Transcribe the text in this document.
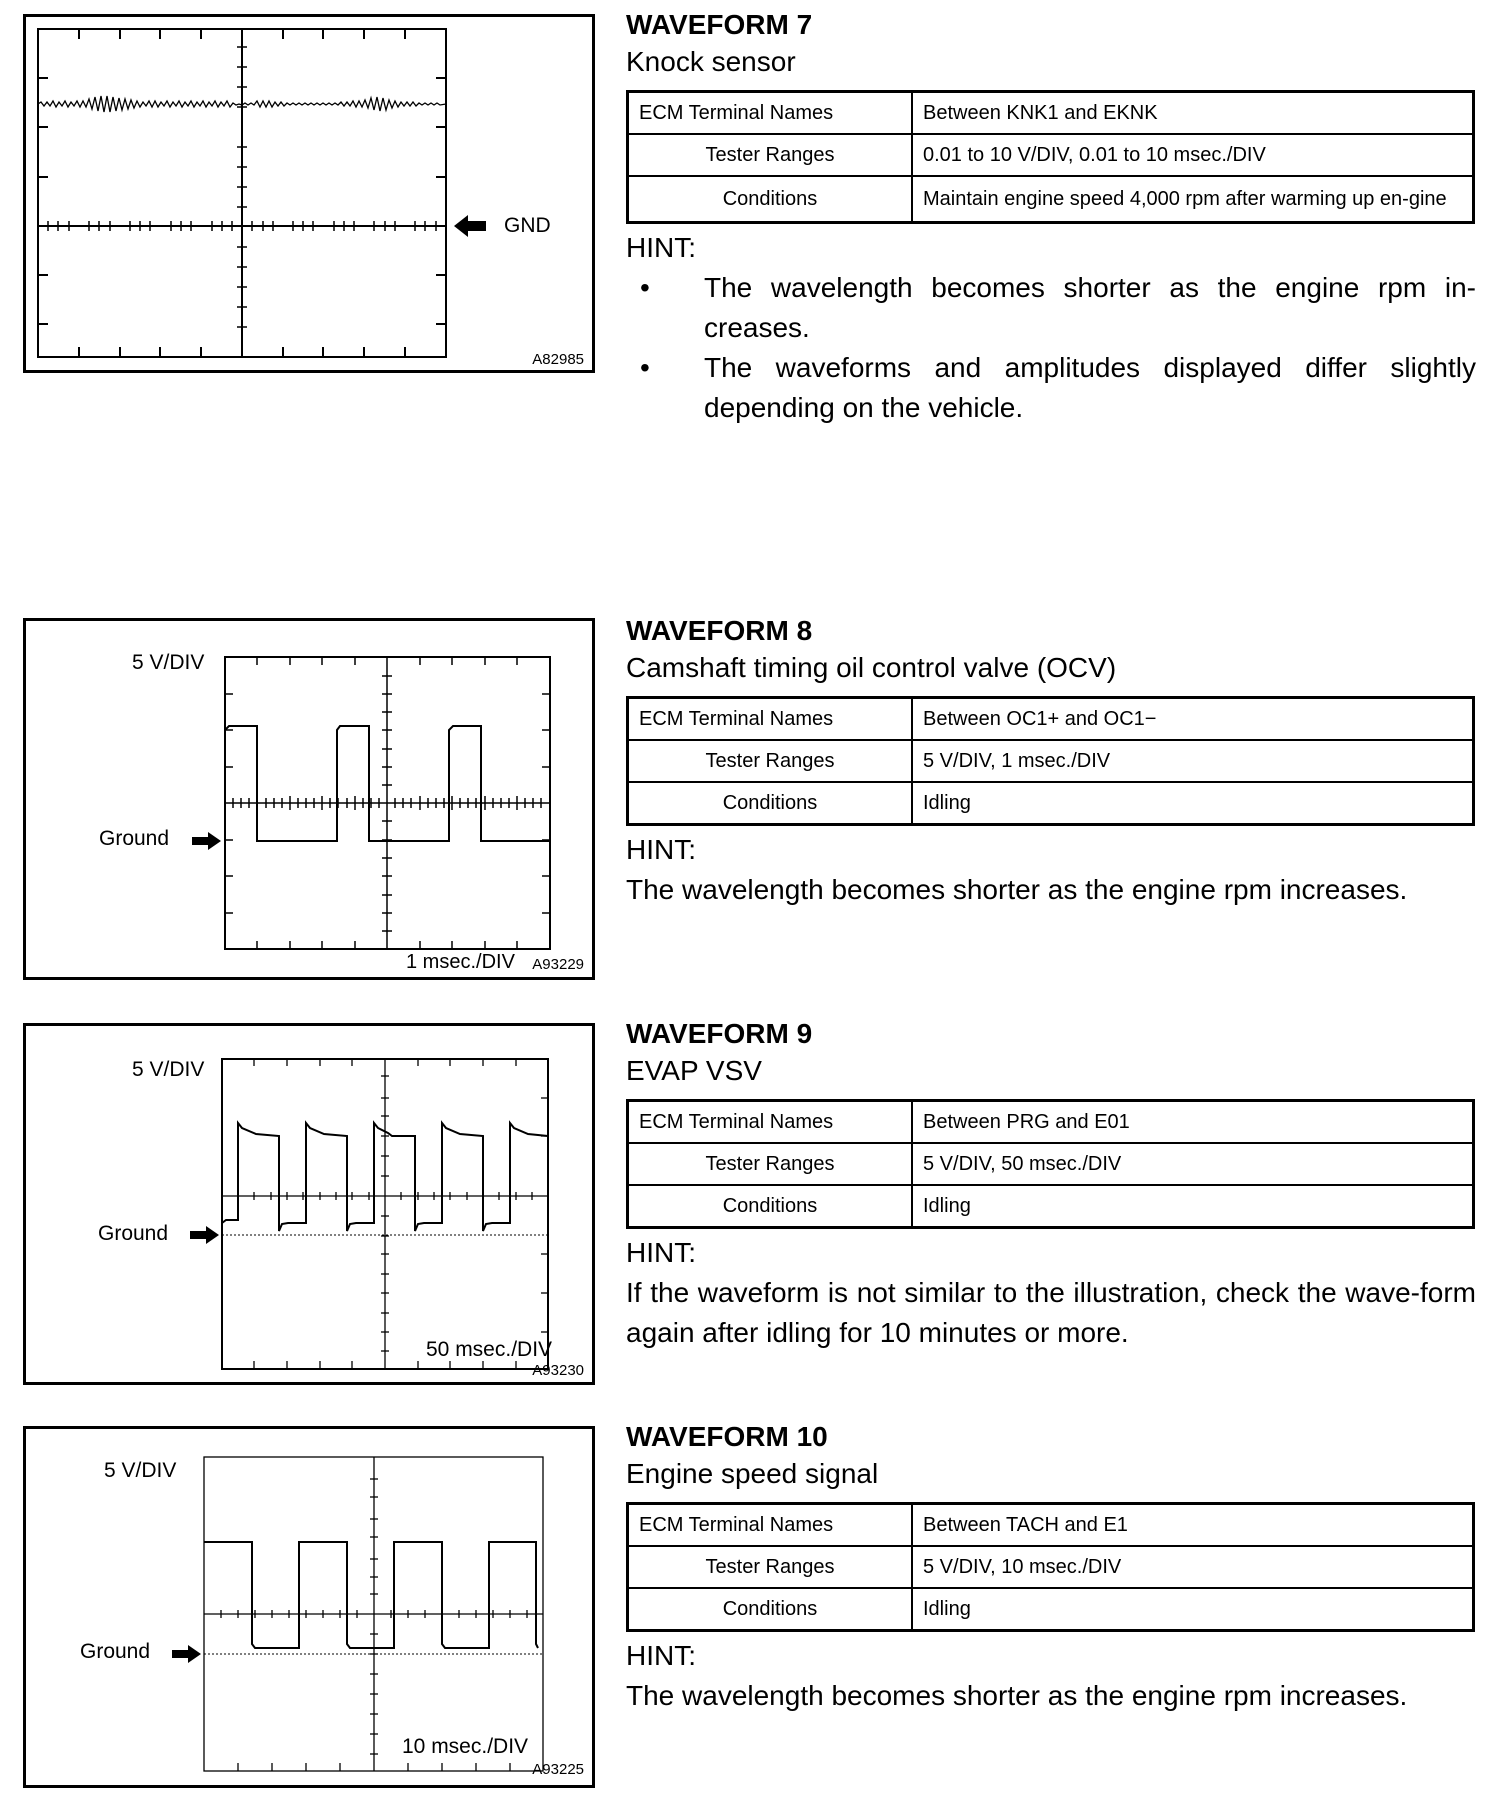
GND
A82985
5 V/DIV
Ground
1 msec./DIV A93229
5 V/DIV
Ground
50 msec./DIV
A93230
5 V/DIV
Ground
10 msec./DIV
A93225
WAVEFORM 7
Knock sensor
ECM Terminal Names	Between KNK1 and EKNK
Tester Ranges	0.01 to 10 V/DIV, 0.01 to 10 msec./DIV
Conditions	Maintain engine speed 4,000 rpm after warming up en-gine
HINT:
• The wavelength becomes shorter as the engine rpm in-creases.
• The waveforms and amplitudes displayed differ slightly depending on the vehicle.
WAVEFORM 8
Camshaft timing oil control valve (OCV)
ECM Terminal Names	Between OC1+ and OC1−
Tester Ranges	5 V/DIV, 1 msec./DIV
Conditions	Idling
HINT:
The wavelength becomes shorter as the engine rpm increases.
WAVEFORM 9
EVAP VSV
ECM Terminal Names	Between PRG and E01
Tester Ranges	5 V/DIV, 50 msec./DIV
Conditions	Idling
HINT:
If the waveform is not similar to the illustration, check the wave-form again after idling for 10 minutes or more.
WAVEFORM 10
Engine speed signal
ECM Terminal Names	Between TACH and E1
Tester Ranges	5 V/DIV, 10 msec./DIV
Conditions	Idling
HINT:
The wavelength becomes shorter as the engine rpm increases.
